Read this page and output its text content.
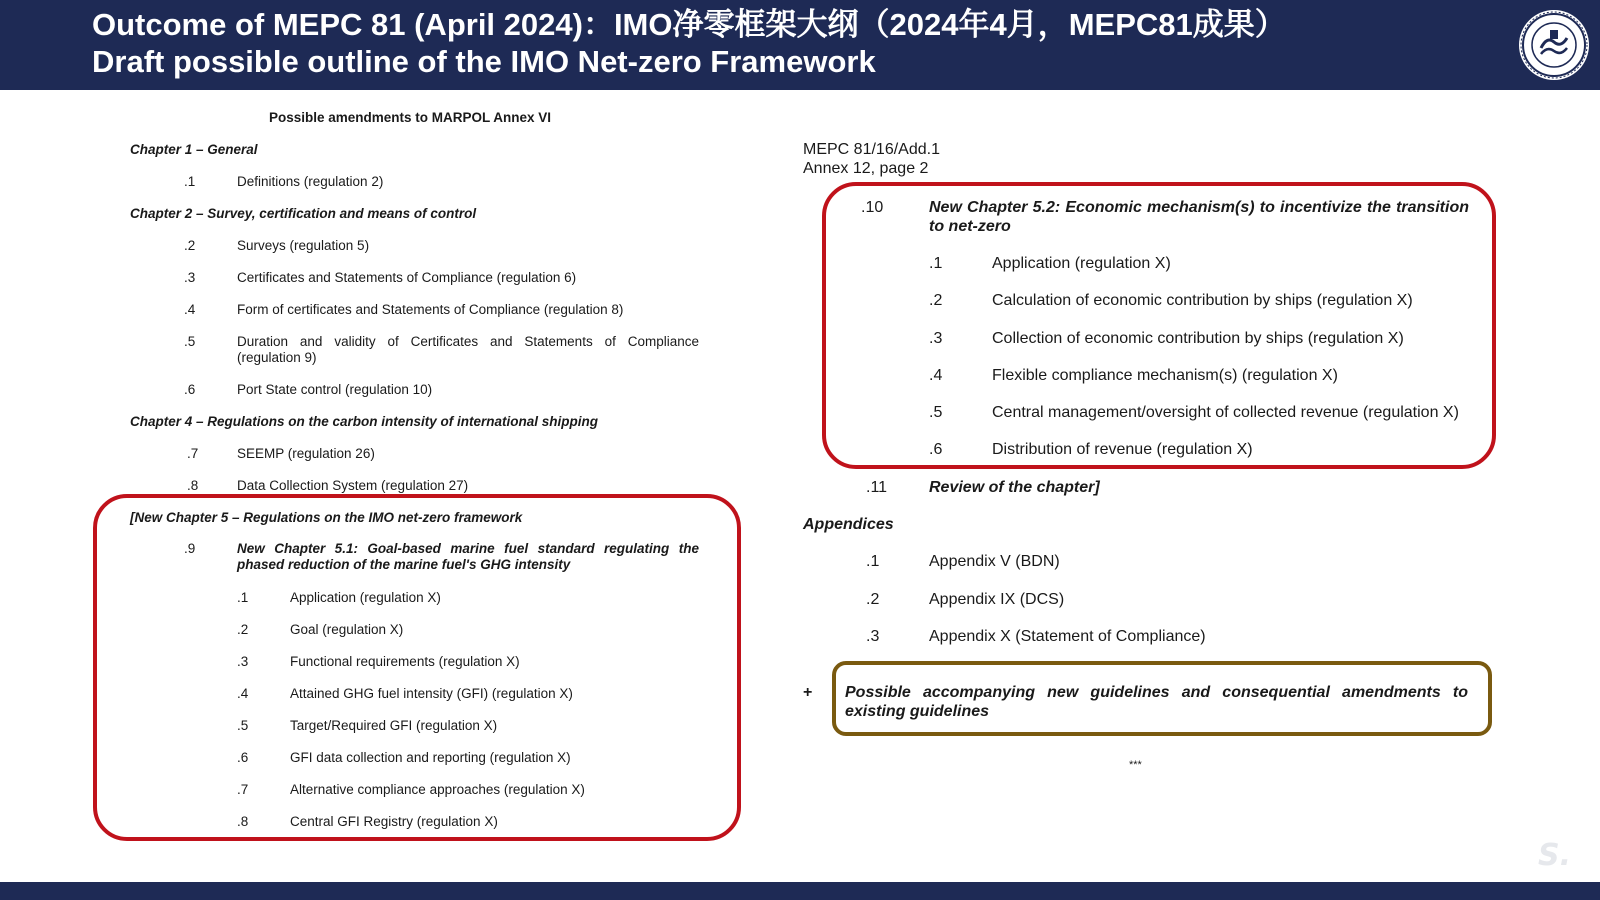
Outcome of MEPC 81 (April 2024)：IMO净零框架大纲（2024年4月，MEPC81成果）
Draft possible outline of the IMO Net-zero Framework
Possible amendments to MARPOL Annex VI
Chapter 1 – General
.1	Definitions (regulation 2)
Chapter 2 – Survey, certification and means of control
.2	Surveys (regulation 5)
.3	Certificates and Statements of Compliance (regulation 6)
.4	Form of certificates and Statements of Compliance (regulation 8)
.5	Duration and validity of Certificates and Statements of Compliance (regulation 9)
.6	Port State control (regulation 10)
Chapter 4 – Regulations on the carbon intensity of international shipping
.7	SEEMP (regulation 26)
.8	Data Collection System (regulation 27)
[New Chapter 5 – Regulations on the IMO net-zero framework
.9	New Chapter 5.1: Goal-based marine fuel standard regulating the phased reduction of the marine fuel's GHG intensity
.1	Application (regulation X)
.2	Goal (regulation X)
.3	Functional requirements (regulation X)
.4	Attained GHG fuel intensity (GFI) (regulation X)
.5	Target/Required GFI (regulation X)
.6	GFI data collection and reporting (regulation X)
.7	Alternative compliance approaches (regulation X)
.8	Central GFI Registry (regulation X)
MEPC 81/16/Add.1
Annex 12, page 2
.10	New Chapter 5.2: Economic mechanism(s) to incentivize the transition to net-zero
.1	Application (regulation X)
.2	Calculation of economic contribution by ships (regulation X)
.3	Collection of economic contribution by ships (regulation X)
.4	Flexible compliance mechanism(s) (regulation X)
.5	Central management/oversight of collected revenue (regulation X)
.6	Distribution of revenue (regulation X)
.11	Review of the chapter]
Appendices
.1	Appendix V (BDN)
.2	Appendix IX (DCS)
.3	Appendix X (Statement of Compliance)
+ Possible accompanying new guidelines and consequential amendments to existing guidelines
***
S.
